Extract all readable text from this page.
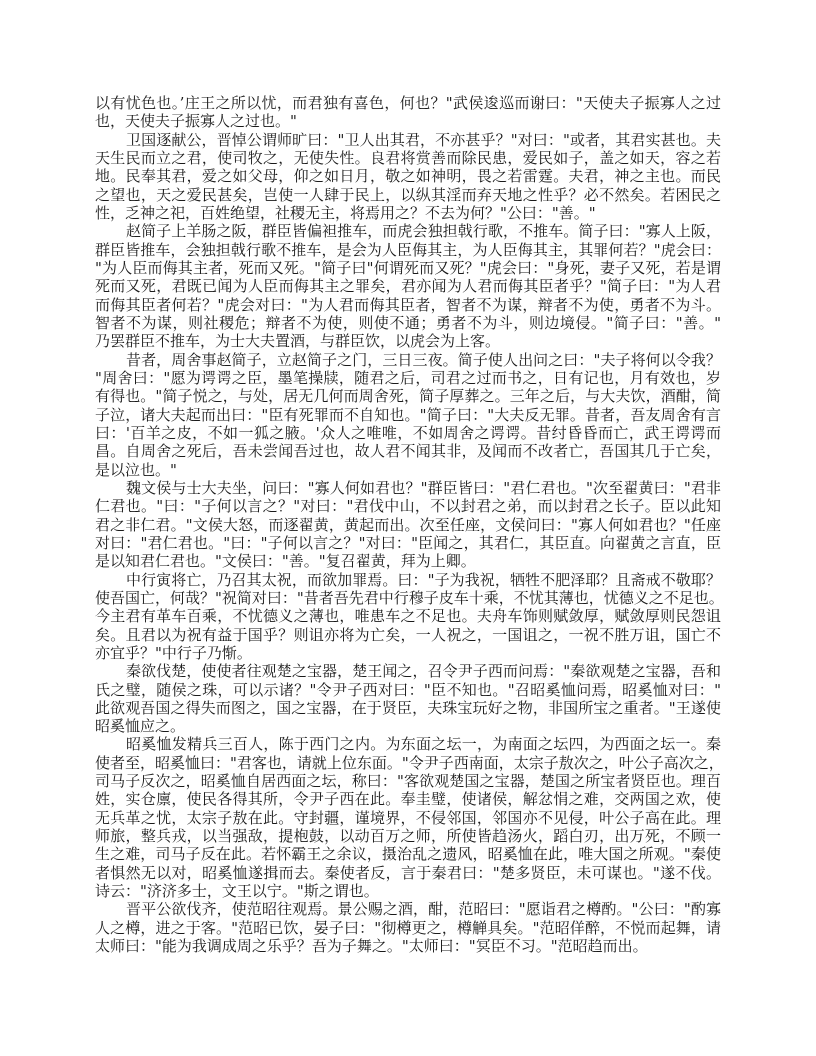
以有忧色也。’庄王之所以忧，而君独有喜色，何也？"武侯逡巡而谢曰："天使夫子振寡人之过
也，天使夫子振寡人之过也。"
卫国逐献公，晋悼公谓师旷曰："卫人出其君，不亦甚乎？"对曰："或者，其君实甚也。夫
天生民而立之君，使司牧之，无使失性。良君将赏善而除民患，爱民如子，盖之如天，容之若
地。民奉其君，爱之如父母，仰之如日月，敬之如神明，畏之若雷霆。夫君，神之主也。而民
之望也，天之爱民甚矣，岂使一人肆于民上，以纵其淫而弃天地之性乎？必不然矣。若困民之
性，乏神之祀，百姓绝望，社稷无主，将焉用之？不去为何？"公曰："善。"
赵简子上羊肠之阪，群臣皆偏袒推车，而虎会独担戟行歌，不推车。简子曰："寡人上阪，
群臣皆推车，会独担戟行歌不推车，是会为人臣侮其主，为人臣侮其主，其罪何若？"虎会曰：
"为人臣而侮其主者，死而又死。"简子曰"何谓死而又死？"虎会曰："身死，妻子又死，若是谓
死而又死，君既已闻为人臣而侮其主之罪矣，君亦闻为人君而侮其臣者乎？"简子曰："为人君
而侮其臣者何若？"虎会对曰："为人君而侮其臣者，智者不为谋，辩者不为使，勇者不为斗。
智者不为谋，则社稷危；辩者不为使，则使不通；勇者不为斗，则边境侵。"简子曰："善。"
乃罢群臣不推车，为士大夫置酒，与群臣饮，以虎会为上客。
昔者，周舍事赵简子，立赵简子之门，三日三夜。简子使人出问之曰："夫子将何以令我？
"周舍曰："愿为谔谔之臣，墨笔操牍，随君之后，司君之过而书之，日有记也，月有效也，岁
有得也。"简子悦之，与处，居无几何而周舍死，简子厚葬之。三年之后，与大夫饮，酒酣，简
子泣，诸大夫起而出曰："臣有死罪而不自知也。"简子曰："大夫反无罪。昔者，吾友周舍有言
曰：'百羊之皮，不如一狐之腋。'众人之唯唯，不如周舍之谔谔。昔纣昏昏而亡，武王谔谔而
昌。自周舍之死后，吾未尝闻吾过也，故人君不闻其非，及闻而不改者亡，吾国其几于亡矣，
是以泣也。"
魏文侯与士大夫坐，问曰："寡人何如君也？"群臣皆曰："君仁君也。"次至翟黄曰："君非
仁君也。"曰："子何以言之？"对曰："君伐中山，不以封君之弟，而以封君之长子。臣以此知
君之非仁君。"文侯大怒，而逐翟黄，黄起而出。次至任座，文侯问曰："寡人何如君也？"任座
对曰："君仁君也。"曰："子何以言之？"对曰："臣闻之，其君仁，其臣直。向翟黄之言直，臣
是以知君仁君也。"文侯曰："善。"复召翟黄，拜为上卿。
中行寅将亡，乃召其太祝，而欲加罪焉。曰："子为我祝，牺牲不肥泽耶？且斋戒不敬耶？
使吾国亡，何哉？"祝简对曰："昔者吾先君中行穆子皮车十乘，不忧其薄也，忧德义之不足也。
今主君有革车百乘，不忧德义之薄也，唯患车之不足也。夫舟车饰则赋敛厚，赋敛厚则民怨诅
矣。且君以为祝有益于国乎？则诅亦将为亡矣，一人祝之，一国诅之，一祝不胜万诅，国亡不
亦宜乎？"中行子乃惭。
秦欲伐楚，使使者往观楚之宝器，楚王闻之，召令尹子西而问焉："秦欲观楚之宝器，吾和
氏之璧，随侯之珠，可以示诸？"令尹子西对曰："臣不知也。"召昭奚恤问焉，昭奚恤对曰："
此欲观吾国之得失而图之，国之宝器，在于贤臣，夫珠宝玩好之物，非国所宝之重者。"王遂使
昭奚恤应之。
昭奚恤发精兵三百人，陈于西门之内。为东面之坛一，为南面之坛四，为西面之坛一。秦
使者至，昭奚恤曰："君客也，请就上位东面。"令尹子西南面，太宗子敖次之，叶公子高次之，
司马子反次之，昭奚恤自居西面之坛，称曰："客欲观楚国之宝器，楚国之所宝者贤臣也。理百
姓，实仓廪，使民各得其所，令尹子西在此。奉圭璧，使诸侯，解忿悁之难，交两国之欢，使
无兵革之忧，太宗子敖在此。守封疆，谨境界，不侵邻国，邻国亦不见侵，叶公子高在此。理
师旅，整兵戎，以当强敌，提枹鼓，以动百万之师，所使皆趋汤火，蹈白刃，出万死，不顾一
生之难，司马子反在此。若怀霸王之余议，摄治乱之遗风，昭奚恤在此，唯大国之所观。"秦使
者惧然无以对，昭奚恤遂揖而去。秦使者反，言于秦君曰："楚多贤臣，未可谋也。"遂不伐。
诗云："济济多士，文王以宁。"斯之谓也。
晋平公欲伐齐，使范昭往观焉。景公赐之酒，酣，范昭曰："愿诣君之樽酌。"公曰："酌寡
人之樽，进之于客。"范昭已饮，晏子曰："彻樽更之，樽觯具矣。"范昭佯醉，不悦而起舞，请
太师曰："能为我调成周之乐乎？吾为子舞之。"太师曰："冥臣不习。"范昭趋而出。
